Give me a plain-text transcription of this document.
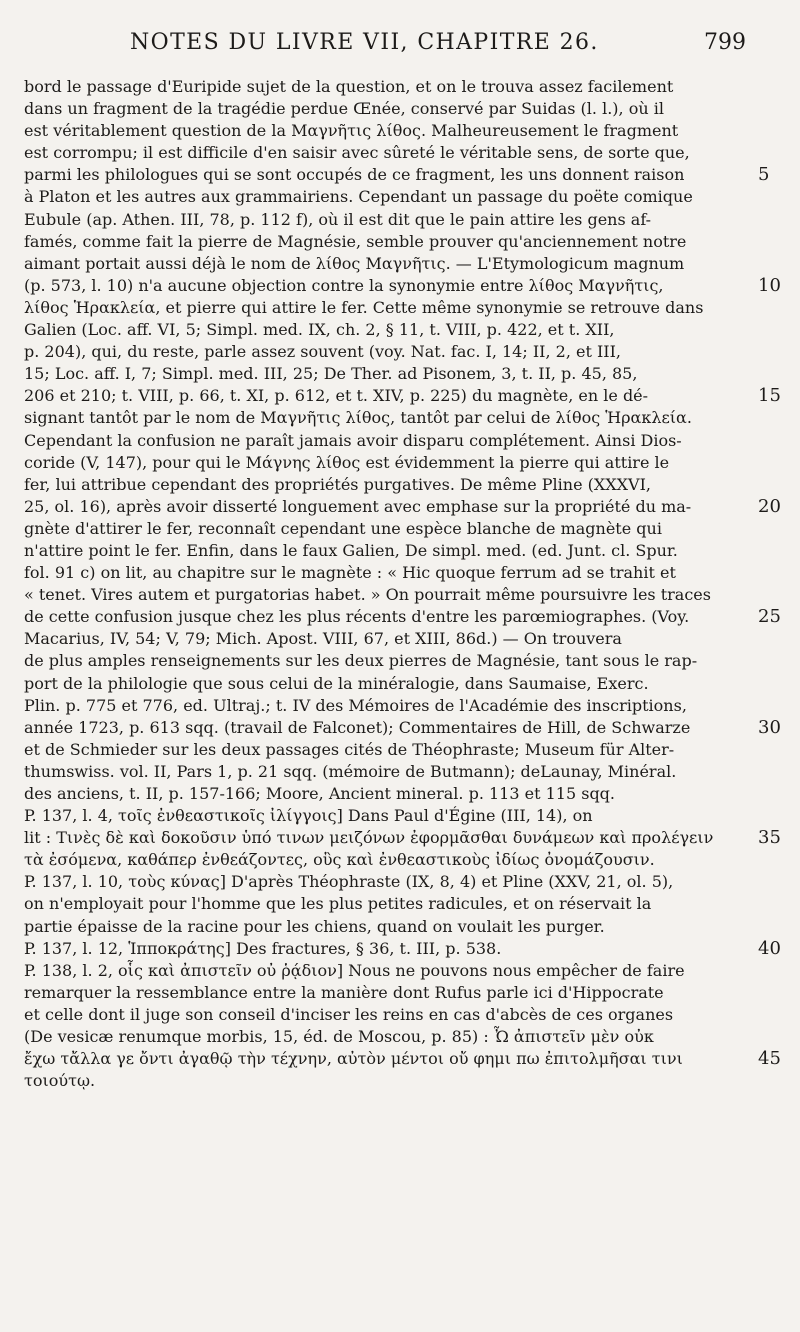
NOTES DU LIVRE VII, CHAPITRE 26.	799
bord le passage d'Euripide sujet de la question, et on le trouva assez facilement
dans un fragment de la tragédie perdue Œnée, conservé par Suidas (l. l.), où il
est véritablement question de la Μαγνῆτις λίθος. Malheureusement le fragment
est corrompu; il est difficile d'en saisir avec sûreté le véritable sens, de sorte que,
parmi les philologues qui se sont occupés de ce fragment, les uns donnent raison
à Platon et les autres aux grammairiens. Cependant un passage du poëte comique
Eubule (ap. Athen. III, 78, p. 112 f), où il est dit que le pain attire les gens af-
famés, comme fait la pierre de Magnésie, semble prouver qu'anciennement notre
aimant portait aussi déjà le nom de λίθος Μαγνῆτις. — L'Etymologicum magnum
(p. 573, l. 10) n'a aucune objection contre la synonymie entre λίθος Μαγνῆτις,
λίθος Ἡρακλεία, et pierre qui attire le fer. Cette même synonymie se retrouve dans
Galien (Loc. aff. VI, 5; Simpl. med. IX, ch. 2, § 11, t. VIII, p. 422, et t. XII,
p. 204), qui, du reste, parle assez souvent (voy. Nat. fac. I, 14; II, 2, et III,
15; Loc. aff. I, 7; Simpl. med. III, 25; De Ther. ad Pisonem, 3, t. II, p. 45, 85,
206 et 210; t. VIII, p. 66, t. XI, p. 612, et t. XIV, p. 225) du magnète, en le dé-
signant tantôt par le nom de Μαγνῆτις λίθος, tantôt par celui de λίθος Ἡρακλεία.
Cependant la confusion ne paraît jamais avoir disparu complétement. Ainsi Dios-
coride (V, 147), pour qui le Μάγνης λίθος est évidemment la pierre qui attire le
fer, lui attribue cependant des propriétés purgatives. De même Pline (XXXVI,
25, ol. 16), après avoir disserté longuement avec emphase sur la propriété du ma-
gnète d'attirer le fer, reconnaît cependant une espèce blanche de magnète qui
n'attire point le fer. Enfin, dans le faux Galien, De simpl. med. (ed. Junt. cl. Spur.
fol. 91 c) on lit, au chapitre sur le magnète : « Hic quoque ferrum ad se trahit et
« tenet. Vires autem et purgatorias habet. » On pourrait même poursuivre les traces
de cette confusion jusque chez les plus récents d'entre les parœmiographes. (Voy.
Macarius, IV, 54; V, 79; Mich. Apost. VIII, 67, et XIII, 86d.) — On trouvera
de plus amples renseignements sur les deux pierres de Magnésie, tant sous le rap-
port de la philologie que sous celui de la minéralogie, dans Saumaise, Exerc.
Plin. p. 775 et 776, ed. Ultraj.; t. IV des Mémoires de l'Académie des inscriptions,
année 1723, p. 613 sqq. (travail de Falconet); Commentaires de Hill, de Schwarze
et de Schmieder sur les deux passages cités de Théophraste; Museum für Alter-
thumswiss. vol. II, Pars 1, p. 21 sqq. (mémoire de Butmann); deLaunay, Minéral.
des anciens, t. II, p. 157-166; Moore, Ancient mineral. p. 113 et 115 sqq.
P. 137, l. 4, τοῖς ἐνθεαστικοῖς ἰλίγγοις] Dans Paul d'Égine (III, 14), on
lit : Τινὲς δὲ καὶ δοκοῦσιν ὑπό τινων μειζόνων ἐφορμᾶσθαι δυνάμεων καὶ προλέγειν
τὰ ἐσόμενα, καθάπερ ἐνθεάζοντες, οὓς καὶ ἐνθεαστικοὺς ἰδίως ὀνομάζουσιν.
P. 137, l. 10, τοὺς κύνας] D'après Théophraste (IX, 8, 4) et Pline (XXV, 21, ol. 5),
on n'employait pour l'homme que les plus petites radicules, et on réservait la
partie épaisse de la racine pour les chiens, quand on voulait les purger.
P. 137, l. 12, Ἱπποκράτης] Des fractures, § 36, t. III, p. 538.
P. 138, l. 2, οἷς καὶ ἀπιστεῖν οὐ ῥᾴδιον] Nous ne pouvons nous empêcher de faire
remarquer la ressemblance entre la manière dont Rufus parle ici d'Hippocrate
et celle dont il juge son conseil d'inciser les reins en cas d'abcès de ces organes
(De vesicæ renumque morbis, 15, éd. de Moscou, p. 85) : Ὦ ἀπιστεῖν μὲν οὐκ
ἔχω τἄλλα γε ὄντι ἀγαθῷ τὴν τέχνην, αὐτὸν μέντοι οὔ φημι πω ἐπιτολμῆσαι τινι
τοιούτῳ.
5
10
15
20
25
30
35
40
45
